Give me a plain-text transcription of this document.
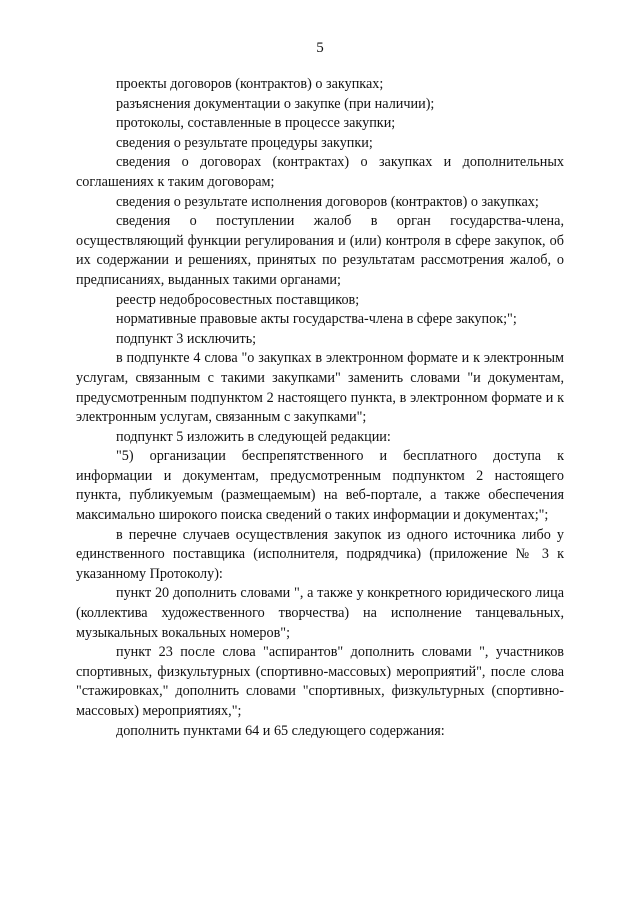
5

проекты договоров (контрактов) о закупках;

разъяснения документации о закупке (при наличии);

протоколы, составленные в процессе закупки;

сведения о результате процедуры закупки;

сведения о договорах (контрактах) о закупках и дополнительных соглашениях к таким договорам;

сведения о результате исполнения договоров (контрактов) о закупках;

сведения о поступлении жалоб в орган государства-члена, осуществляющий функции регулирования и (или) контроля в сфере закупок, об их содержании и решениях, принятых по результатам рассмотрения жалоб, о предписаниях, выданных такими органами;

реестр недобросовестных поставщиков;

нормативные правовые акты государства-члена в сфере закупок;";

подпункт 3 исключить;

в подпункте 4 слова "о закупках в электронном формате и к электронным услугам, связанным с такими закупками" заменить словами "и документам, предусмотренным подпунктом 2 настоящего пункта, в электронном формате и к электронным услугам, связанным с закупками";

подпункт 5 изложить в следующей редакции:

"5) организации беспрепятственного и бесплатного доступа к информации и документам, предусмотренным подпунктом 2 настоящего пункта, публикуемым (размещаемым) на веб-портале, а также обеспечения максимально широкого поиска сведений о таких информации и документах;";

в перечне случаев осуществления закупок из одного источника либо у единственного поставщика (исполнителя, подрядчика) (приложение № 3 к указанному Протоколу):

пункт 20 дополнить словами ", а также у конкретного юридического лица (коллектива художественного творчества) на исполнение танцевальных, музыкальных вокальных номеров";

пункт 23 после слова "аспирантов" дополнить словами ", участников спортивных, физкультурных (спортивно-массовых) мероприятий", после слова "стажировках," дополнить словами "спортивных, физкультурных (спортивно-массовых) мероприятиях,";

дополнить пунктами 64 и 65 следующего содержания:
